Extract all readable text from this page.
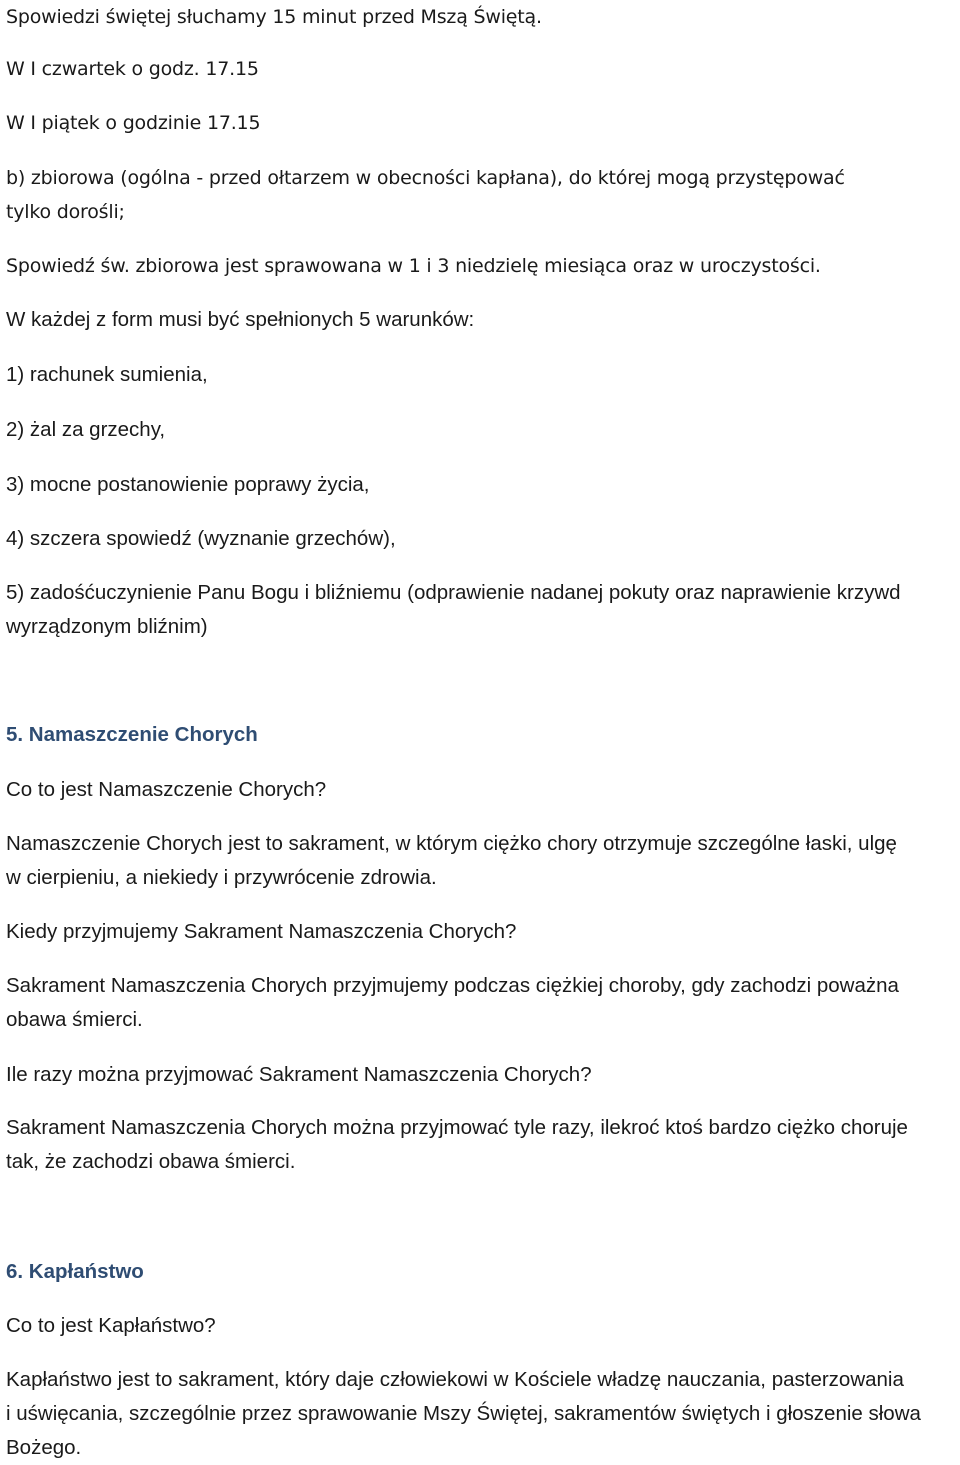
Spowiedzi świętej słuchamy 15 minut przed Mszą Świętą.

W I czwartek o godz. 17.15

W I piątek o godzinie 17.15

b) zbiorowa (ogólna - przed ołtarzem w obecności kapłana), do której mogą przystępować
tylko dorośli;

Spowiedź św. zbiorowa jest sprawowana w 1 i 3 niedzielę miesiąca oraz w uroczystości.

W każdej z form musi być spełnionych 5 warunków:

1) rachunek sumienia,

2) żal za grzechy,

3) mocne postanowienie poprawy życia,

4) szczera spowiedź (wyznanie grzechów),

5) zadośćuczynienie Panu Bogu i bliźniemu (odprawienie nadanej pokuty oraz naprawienie krzywd
wyrządzonym bliźnim)

5. Namaszczenie Chorych

Co to jest Namaszczenie Chorych?

Namaszczenie Chorych jest to sakrament, w którym ciężko chory otrzymuje szczególne łaski, ulgę
w cierpieniu, a niekiedy i przywrócenie zdrowia.

Kiedy przyjmujemy Sakrament Namaszczenia Chorych?

Sakrament Namaszczenia Chorych przyjmujemy podczas ciężkiej choroby, gdy zachodzi poważna
obawa śmierci.

Ile razy można przyjmować Sakrament Namaszczenia Chorych?

Sakrament Namaszczenia Chorych można przyjmować tyle razy, ilekroć ktoś bardzo ciężko choruje
tak, że zachodzi obawa śmierci.

6. Kapłaństwo

Co to jest Kapłaństwo?

Kapłaństwo jest to sakrament, który daje człowiekowi w Kościele władzę nauczania, pasterzowania
i uświęcania, szczególnie przez sprawowanie Mszy Świętej, sakramentów świętych i głoszenie słowa
Bożego.
